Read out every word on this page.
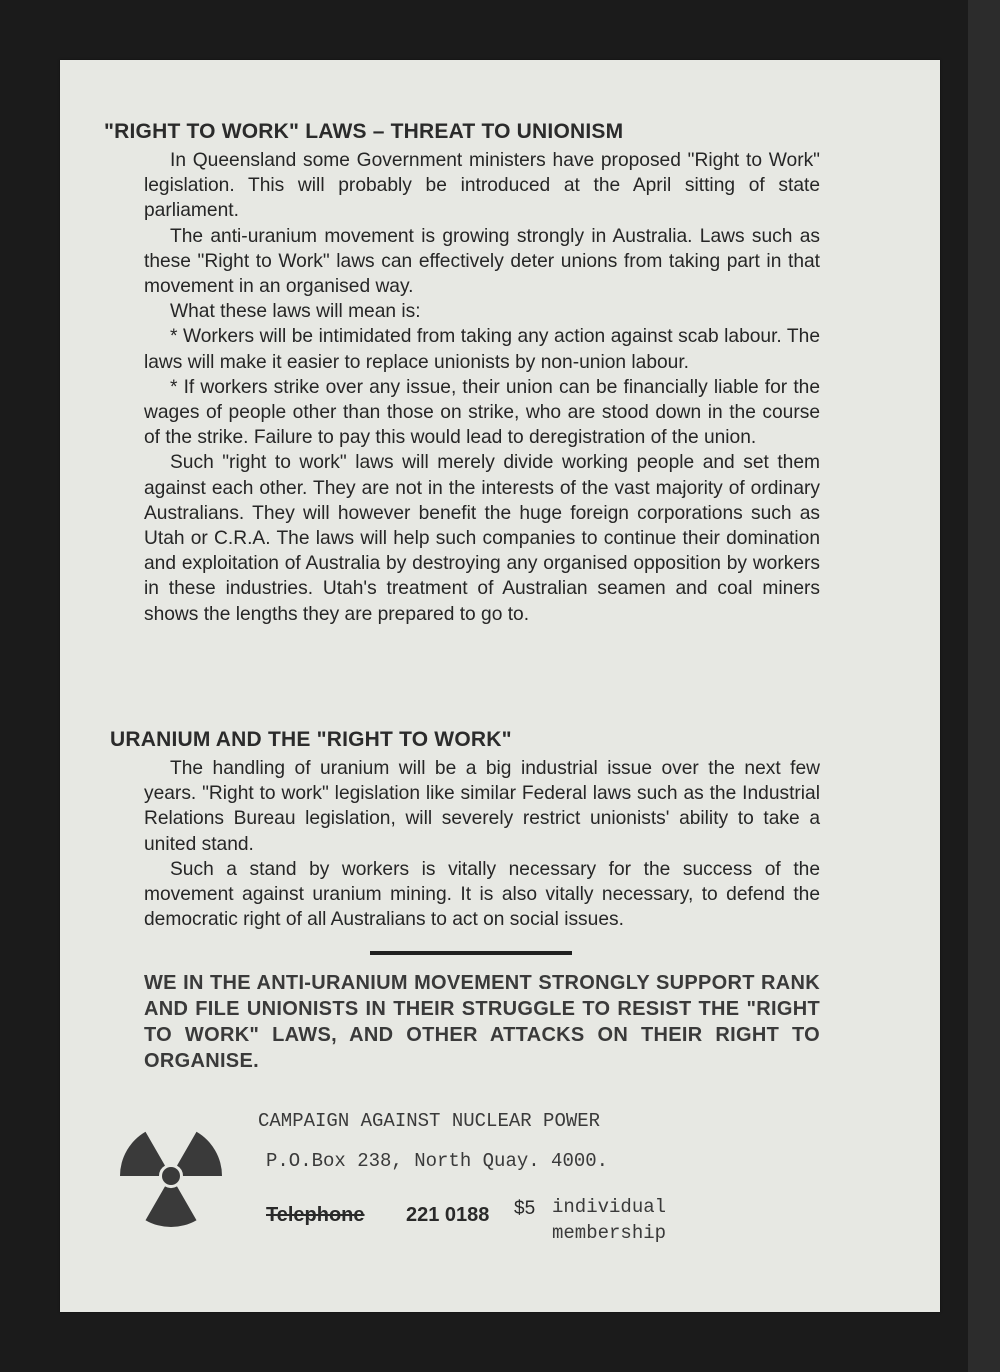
"RIGHT TO WORK" LAWS – THREAT TO UNIONISM

In Queensland some Government ministers have proposed "Right to Work" legislation. This will probably be introduced at the April sitting of state parliament.

The anti-uranium movement is growing strongly in Australia. Laws such as these "Right to Work" laws can effectively deter unions from taking part in that movement in an organised way.

What these laws will mean is:

* Workers will be intimidated from taking any action against scab labour. The laws will make it easier to replace unionists by non-union labour.

* If workers strike over any issue, their union can be financially liable for the wages of people other than those on strike, who are stood down in the course of the strike. Failure to pay this would lead to deregistration of the union.

Such "right to work" laws will merely divide working people and set them against each other. They are not in the interests of the vast majority of ordinary Australians. They will however benefit the huge foreign corporations such as Utah or C.R.A. The laws will help such companies to continue their domination and exploitation of Australia by destroying any organised opposition by workers in these industries. Utah's treatment of Australian seamen and coal miners shows the lengths they are prepared to go to.

URANIUM AND THE "RIGHT TO WORK"

The handling of uranium will be a big industrial issue over the next few years. "Right to work" legislation like similar Federal laws such as the Industrial Relations Bureau legislation, will severely restrict unionists' ability to take a united stand.

Such a stand by workers is vitally necessary for the success of the movement against uranium mining. It is also vitally necessary, to defend the democratic right of all Australians to act on social issues.

WE IN THE ANTI-URANIUM MOVEMENT STRONGLY SUPPORT RANK AND FILE UNIONISTS IN THEIR STRUGGLE TO RESIST THE "RIGHT TO WORK" LAWS, AND OTHER ATTACKS ON THEIR RIGHT TO ORGANISE.
CAMPAIGN AGAINST NUCLEAR POWER
P.O.Box 238, North Quay. 4000.
Telephone 221 0188 $5 individual
membership
